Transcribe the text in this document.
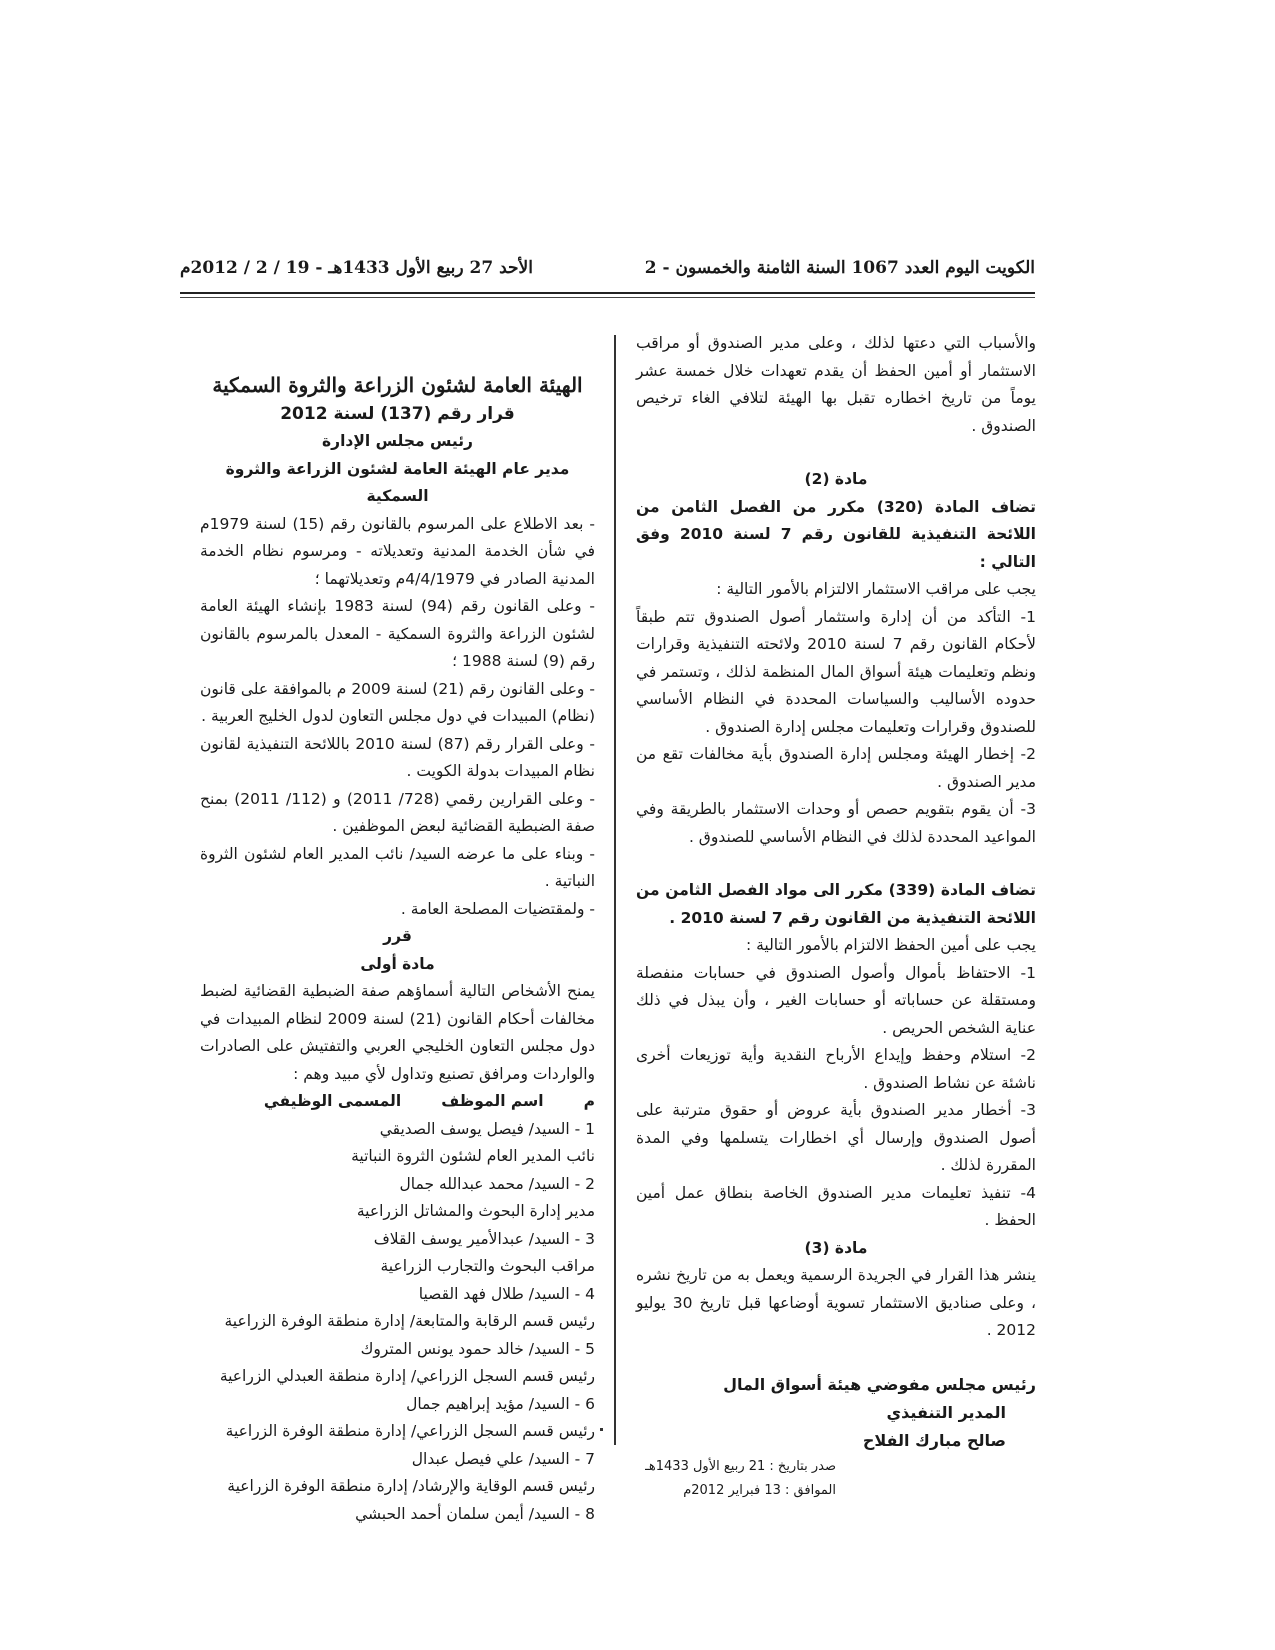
الكويت اليوم العدد 1067 السنة الثامنة والخمسون - 2
الأحد 27 ربيع الأول 1433هـ - 19 / 2 / 2012م

والأسباب التي دعتها لذلك ، وعلى مدير الصندوق أو مراقب الاستثمار أو أمين الحفظ أن يقدم تعهدات خلال خمسة عشر يوماً من تاريخ اخطاره تقبل بها الهيئة لتلافي الغاء ترخيص الصندوق .

مادة (2)

تضاف المادة (320) مكرر من الفصل الثامن من اللائحة التنفيذية للقانون رقم 7 لسنة 2010 وفق التالي :

يجب على مراقب الاستثمار الالتزام بالأمور التالية :

1- التأكد من أن إدارة واستثمار أصول الصندوق تتم طبقاً لأحكام القانون رقم 7 لسنة 2010 ولائحته التنفيذية وقرارات ونظم وتعليمات هيئة أسواق المال المنظمة لذلك ، وتستمر في حدوده الأساليب والسياسات المحددة في النظام الأساسي للصندوق وقرارات وتعليمات مجلس إدارة الصندوق .

2- إخطار الهيئة ومجلس إدارة الصندوق بأية مخالفات تقع من مدير الصندوق .

3- أن يقوم بتقويم حصص أو وحدات الاستثمار بالطريقة وفي المواعيد المحددة لذلك في النظام الأساسي للصندوق .

تضاف المادة (339) مكرر الى مواد الفصل الثامن من اللائحة التنفيذية من القانون رقم 7 لسنة 2010 .

يجب على أمين الحفظ الالتزام بالأمور التالية :

1- الاحتفاظ بأموال وأصول الصندوق في حسابات منفصلة ومستقلة عن حساباته أو حسابات الغير ، وأن يبذل في ذلك عناية الشخص الحريص .

2- استلام وحفظ وإيداع الأرباح النقدية وأية توزيعات أخرى ناشئة عن نشاط الصندوق .

3- أخطار مدير الصندوق بأية عروض أو حقوق مترتبة على أصول الصندوق وإرسال أي اخطارات يتسلمها وفي المدة المقررة لذلك .

4- تنفيذ تعليمات مدير الصندوق الخاصة بنطاق عمل أمين الحفظ .

مادة (3)

ينشر هذا القرار في الجريدة الرسمية ويعمل به من تاريخ نشره ، وعلى صناديق الاستثمار تسوية أوضاعها قبل تاريخ 30 يوليو 2012 .

رئيس مجلس مفوضي هيئة أسواق المال
المدير التنفيذي
صالح مبارك الفلاح
صدر بتاريخ : 21 ربيع الأول 1433هـ
الموافق : 13 فبراير 2012م

الهيئة العامة لشئون الزراعة والثروة السمكية

قرار رقم (137) لسنة 2012

رئيس مجلس الإدارة

مدير عام الهيئة العامة لشئون الزراعة والثروة السمكية

- بعد الاطلاع على المرسوم بالقانون رقم (15) لسنة 1979م في شأن الخدمة المدنية وتعديلاته - ومرسوم نظام الخدمة المدنية الصادر في 4/4/1979م وتعديلاتهما ؛

- وعلى القانون رقم (94) لسنة 1983 بإنشاء الهيئة العامة لشئون الزراعة والثروة السمكية - المعدل بالمرسوم بالقانون رقم (9) لسنة 1988 ؛

- وعلى القانون رقم (21) لسنة 2009 م بالموافقة على قانون (نظام) المبيدات في دول مجلس التعاون لدول الخليج العربية .

- وعلى القرار رقم (87) لسنة 2010 باللائحة التنفيذية لقانون نظام المبيدات بدولة الكويت .

- وعلى القرارين رقمي (728/ 2011) و (112/ 2011) بمنح صفة الضبطية القضائية لبعض الموظفين .

- وبناء على ما عرضه السيد/ نائب المدير العام لشئون الثروة النباتية .

- ولمقتضيات المصلحة العامة .

قرر

مادة أولى

يمنح الأشخاص التالية أسماؤهم صفة الضبطية القضائية لضبط مخالفات أحكام القانون (21) لسنة 2009 لنظام المبيدات في دول مجلس التعاون الخليجي العربي والتفتيش على الصادرات والواردات ومرافق تصنيع وتداول لأي مبيد وهم :

م
اسم الموظف
المسمى الوظيفي

1 - السيد/ فيصل يوسف الصديقي

نائب المدير العام لشئون الثروة النباتية

2 - السيد/ محمد عبدالله جمال

مدير إدارة البحوث والمشاتل الزراعية

3 - السيد/ عبدالأمير يوسف القلاف

مراقب البحوث والتجارب الزراعية

4 - السيد/ طلال فهد القصيا

رئيس قسم الرقابة والمتابعة/ إدارة منطقة الوفرة الزراعية

5 - السيد/ خالد حمود يونس المتروك

رئيس قسم السجل الزراعي/ إدارة منطقة العبدلي الزراعية

6 - السيد/ مؤيد إبراهيم جمال

رئيس قسم السجل الزراعي/ إدارة منطقة الوفرة الزراعية

7 - السيد/ علي فيصل عبدال

رئيس قسم الوقاية والإرشاد/ إدارة منطقة الوفرة الزراعية

8 - السيد/ أيمن سلمان أحمد الحبشي
